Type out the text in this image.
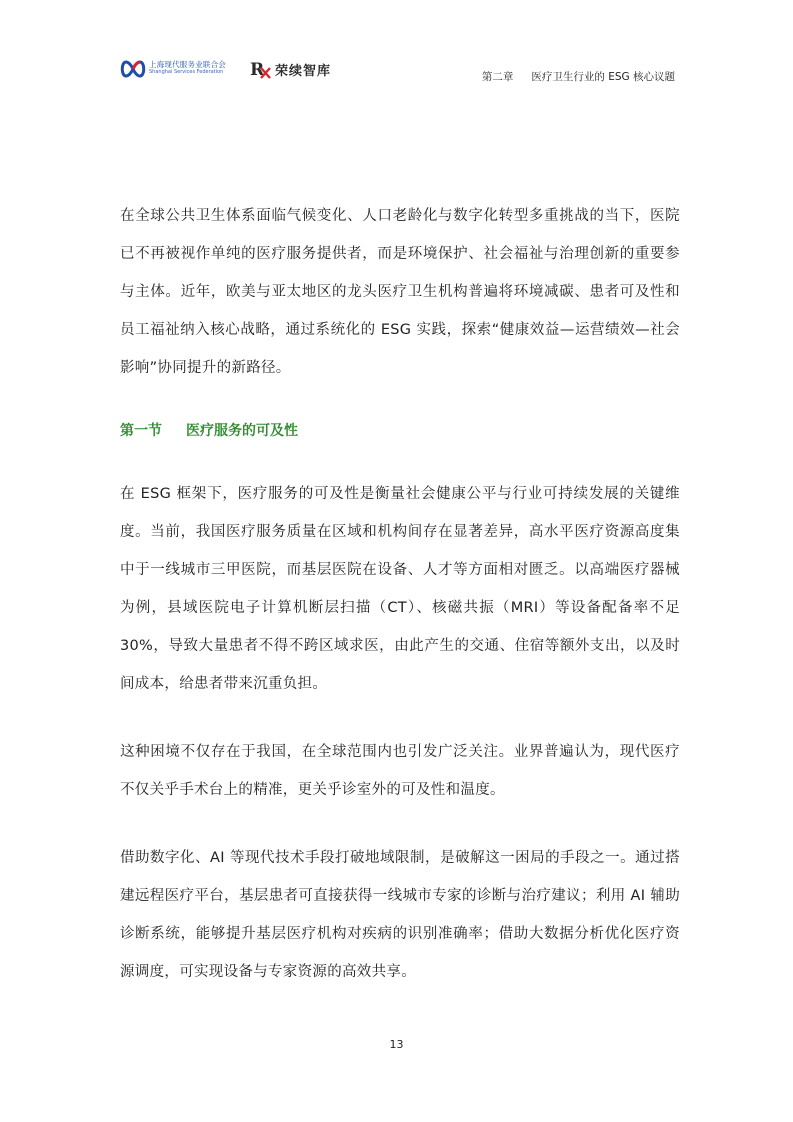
上海现代服务业联合会
Shanghai Services Federation R 荣续智库	第二章 医疗卫生行业的 ESG 核心议题

在全球公共卫生体系面临气候变化、人口老龄化与数字化转型多重挑战的当下，医院已不再被视作单纯的医疗服务提供者，而是环境保护、社会福祉与治理创新的重要参与主体。近年，欧美与亚太地区的龙头医疗卫生机构普遍将环境减碳、患者可及性和员工福祉纳入核心战略，通过系统化的 ESG 实践，探索“健康效益—运营绩效—社会影响”协同提升的新路径。

第一节 医疗服务的可及性

在 ESG 框架下，医疗服务的可及性是衡量社会健康公平与行业可持续发展的关键维度。当前，我国医疗服务质量在区域和机构间存在显著差异，高水平医疗资源高度集中于一线城市三甲医院，而基层医院在设备、人才等方面相对匮乏。以高端医疗器械为例，县域医院电子计算机断层扫描（CT）、核磁共振（MRI）等设备配备率不足 30%，导致大量患者不得不跨区域求医，由此产生的交通、住宿等额外支出，以及时间成本，给患者带来沉重负担。

这种困境不仅存在于我国，在全球范围内也引发广泛关注。业界普遍认为，现代医疗不仅关乎手术台上的精准，更关乎诊室外的可及性和温度。

借助数字化、AI 等现代技术手段打破地域限制，是破解这一困局的手段之一。通过搭建远程医疗平台，基层患者可直接获得一线城市专家的诊断与治疗建议；利用 AI 辅助诊断系统，能够提升基层医疗机构对疾病的识别准确率；借助大数据分析优化医疗资源调度，可实现设备与专家资源的高效共享。

13
